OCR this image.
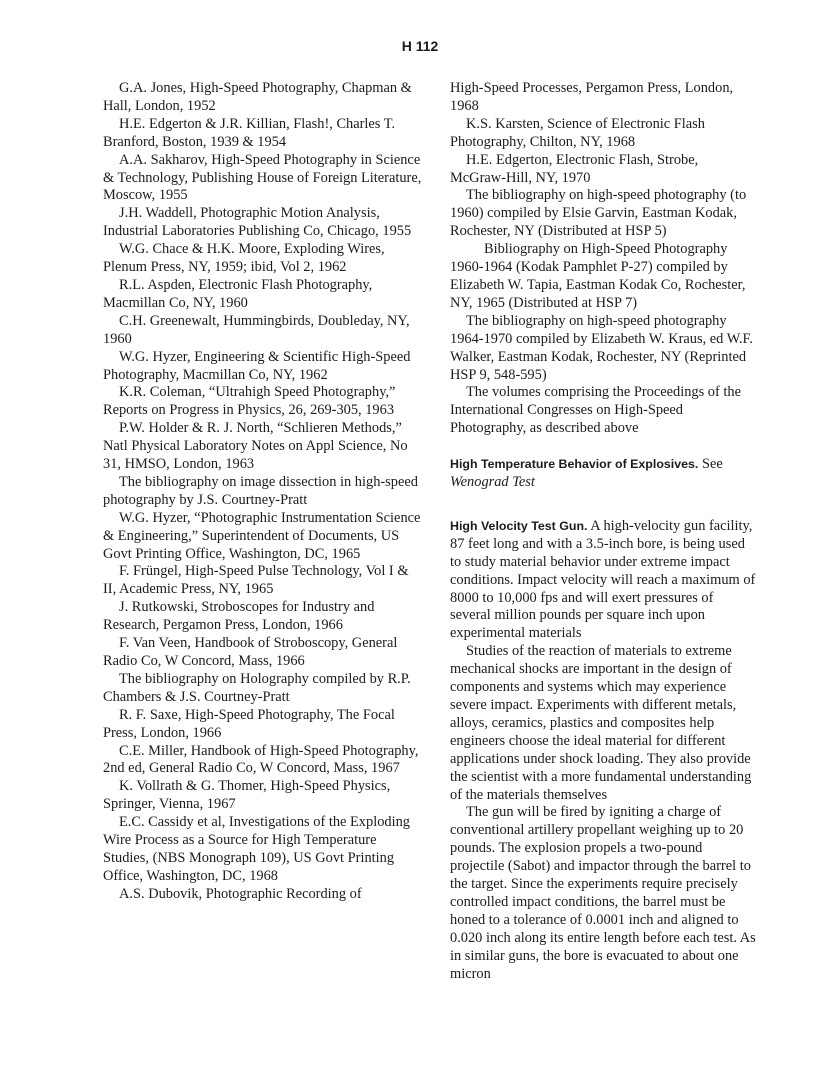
H 112

G.A. Jones, High-Speed Photography, Chapman & Hall, London, 1952

H.E. Edgerton & J.R. Killian, Flash!, Charles T. Branford, Boston, 1939 & 1954

A.A. Sakharov, High-Speed Photography in Science & Technology, Publishing House of Foreign Literature, Moscow, 1955

J.H. Waddell, Photographic Motion Analysis, Industrial Laboratories Publishing Co, Chicago, 1955

W.G. Chace & H.K. Moore, Exploding Wires, Plenum Press, NY, 1959; ibid, Vol 2, 1962

R.L. Aspden, Electronic Flash Photography, Macmillan Co, NY, 1960

C.H. Greenewalt, Hummingbirds, Doubleday, NY, 1960

W.G. Hyzer, Engineering & Scientific High-Speed Photography, Macmillan Co, NY, 1962

K.R. Coleman, “Ultrahigh Speed Photography,” Reports on Progress in Physics, 26, 269-305, 1963

P.W. Holder & R. J. North, “Schlieren Methods,” Natl Physical Laboratory Notes on Appl Science, No 31, HMSO, London, 1963

The bibliography on image dissection in high-speed photography by J.S. Courtney-Pratt

W.G. Hyzer, “Photographic Instrumentation Science & Engineering,” Superintendent of Documents, US Govt Printing Office, Washington, DC, 1965

F. Früngel, High-Speed Pulse Technology, Vol I & II, Academic Press, NY, 1965

J. Rutkowski, Stroboscopes for Industry and Research, Pergamon Press, London, 1966

F. Van Veen, Handbook of Stroboscopy, General Radio Co, W Concord, Mass, 1966

The bibliography on Holography compiled by R.P. Chambers & J.S. Courtney-Pratt

R. F. Saxe, High-Speed Photography, The Focal Press, London, 1966

C.E. Miller, Handbook of High-Speed Photography, 2nd ed, General Radio Co, W Concord, Mass, 1967

K. Vollrath & G. Thomer, High-Speed Physics, Springer, Vienna, 1967

E.C. Cassidy et al, Investigations of the Exploding Wire Process as a Source for High Temperature Studies, (NBS Monograph 109), US Govt Printing Office, Washington, DC, 1968

A.S. Dubovik, Photographic Recording of

High-Speed Processes, Pergamon Press, London, 1968

K.S. Karsten, Science of Electronic Flash Photography, Chilton, NY, 1968

H.E. Edgerton, Electronic Flash, Strobe, McGraw-Hill, NY, 1970

The bibliography on high-speed photography (to 1960) compiled by Elsie Garvin, Eastman Kodak, Rochester, NY (Distributed at HSP 5)

Bibliography on High-Speed Photography 1960-1964 (Kodak Pamphlet P-27) compiled by Elizabeth W. Tapia, Eastman Kodak Co, Rochester, NY, 1965 (Distributed at HSP 7)

The bibliography on high-speed photography 1964-1970 compiled by Elizabeth W. Kraus, ed W.F. Walker, Eastman Kodak, Rochester, NY (Reprinted HSP 9, 548-595)

The volumes comprising the Proceedings of the International Congresses on High-Speed Photography, as described above

High Temperature Behavior of Explosives. See Wenograd Test

High Velocity Test Gun. A high-velocity gun facility, 87 feet long and with a 3.5-inch bore, is being used to study material behavior under extreme impact conditions. Impact velocity will reach a maximum of 8000 to 10,000 fps and will exert pressures of several million pounds per square inch upon experimental materials

Studies of the reaction of materials to extreme mechanical shocks are important in the design of components and systems which may experience severe impact. Experiments with different metals, alloys, ceramics, plastics and composites help engineers choose the ideal material for different applications under shock loading. They also provide the scientist with a more fundamental understanding of the materials themselves

The gun will be fired by igniting a charge of conventional artillery propellant weighing up to 20 pounds. The explosion propels a two-pound projectile (Sabot) and impactor through the barrel to the target. Since the experiments require precisely controlled impact conditions, the barrel must be honed to a tolerance of 0.0001 inch and aligned to 0.020 inch along its entire length before each test. As in similar guns, the bore is evacuated to about one micron
